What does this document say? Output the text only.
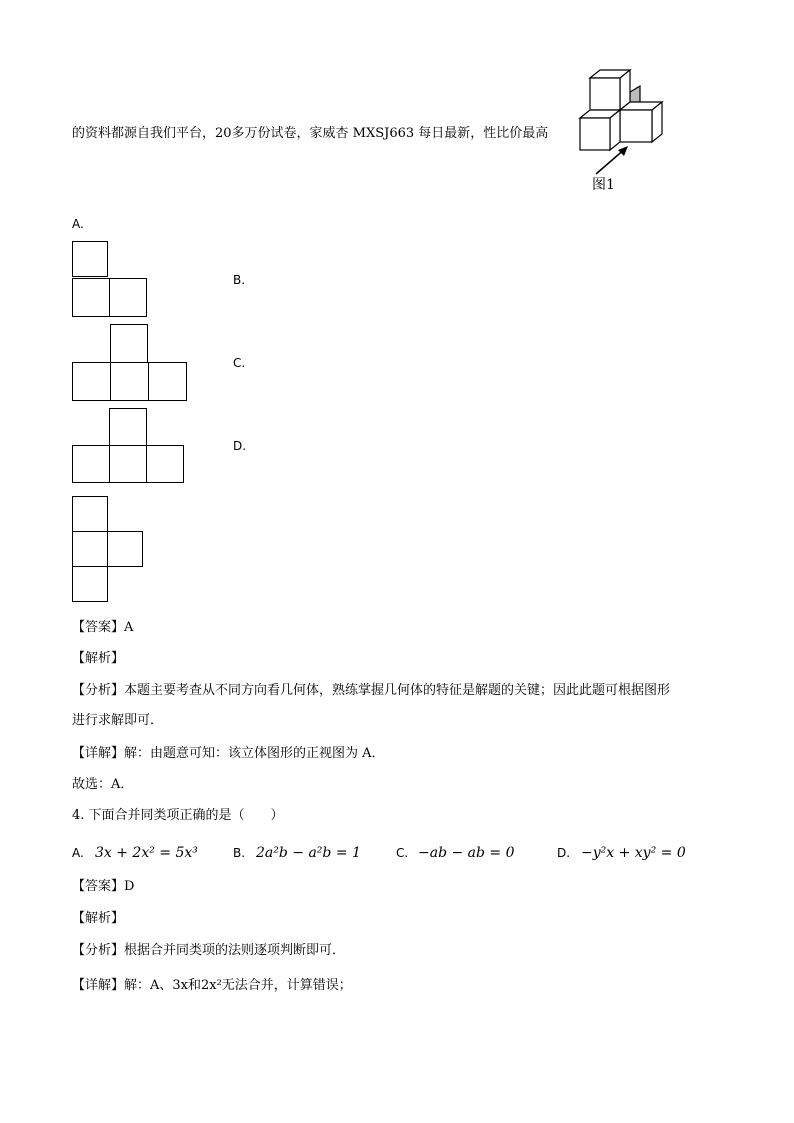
的资料都源自我们平台，20多万份试卷，家威杏 MXSJ663 每日最新，性比价最高
图1
A.
B.
C.
D.
【答案】A
【解析】
【分析】本题主要考查从不同方向看几何体，熟练掌握几何体的特征是解题的关键；因此此题可根据图形
进行求解即可．
【详解】解：由题意可知：该立体图形的正视图为 A．
故选：A．
4. 下面合并同类项正确的是（　　）
A. 3x + 2x² = 5x³	B. 2a²b − a²b = 1	C. −ab − ab = 0	D. −y²x + xy² = 0
【答案】D
【解析】
【分析】根据合并同类项的法则逐项判断即可．
【详解】解：A、3x和2x²无法合并，计算错误；
